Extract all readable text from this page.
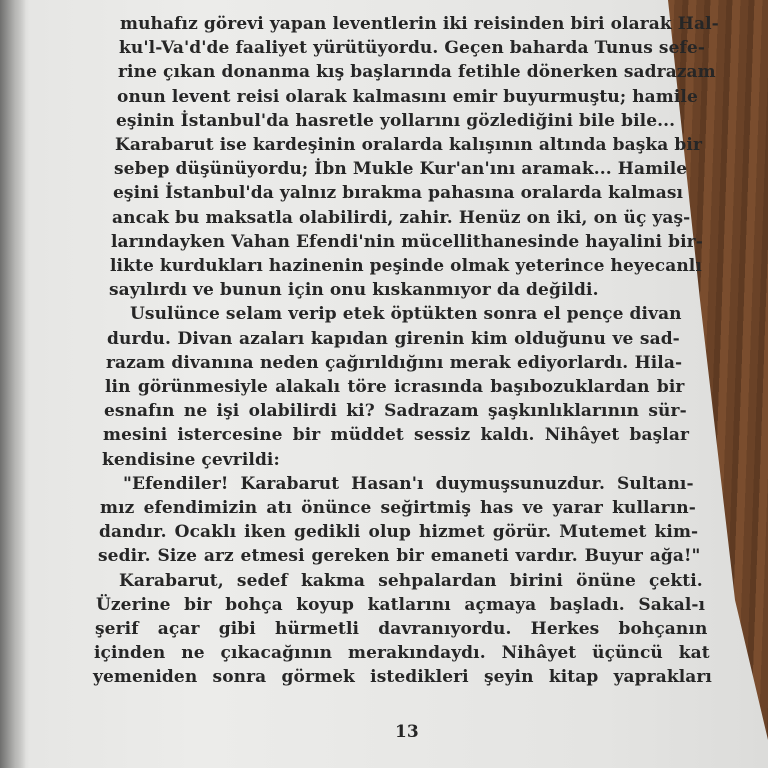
muhafız görevi yapan leventlerin iki reisinden biri olarak Hal-
ku'l-Va'd'de faaliyet yürütüyordu. Geçen baharda Tunus sefe-
rine çıkan donanma kış başlarında fetihle dönerken sadrazam
onun levent reisi olarak kalmasını emir buyurmuştu; hamile
eşinin İstanbul'da hasretle yollarını gözlediğini bile bile...
Karabarut ise kardeşinin oralarda kalışının altında başka bir
sebep düşünüyordu; İbn Mukle Kur'an'ını aramak... Hamile
eşini İstanbul'da yalnız bırakma pahasına oralarda kalması
ancak bu maksatla olabilirdi, zahir. Henüz on iki, on üç yaş-
larındayken Vahan Efendi'nin mücellithanesinde hayalini bir-
likte kurdukları hazinenin peşinde olmak yeterince heyecanlı
sayılırdı ve bunun için onu kıskanmıyor da değildi.
Usulünce selam verip etek öptükten sonra el pençe divan
durdu. Divan azaları kapıdan girenin kim olduğunu ve sad-
razam divanına neden çağırıldığını merak ediyorlardı. Hila-
lin görünmesiyle alakalı töre icrasında başıbozuklardan bir
esnafın ne işi olabilirdi ki? Sadrazam şaşkınlıklarının sür-
mesini istercesine bir müddet sessiz kaldı. Nihâyet başlar
kendisine çevrildi:
"Efendiler! Karabarut Hasan'ı duymuşsunuzdur. Sultanı-
mız efendimizin atı önünce seğirtmiş has ve yarar kulların-
dandır. Ocaklı iken gedikli olup hizmet görür. Mutemet kim-
sedir. Size arz etmesi gereken bir emaneti vardır. Buyur ağa!"
Karabarut, sedef kakma sehpalardan birini önüne çekti.
Üzerine bir bohça koyup katlarını açmaya başladı. Sakal-ı
şerif açar gibi hürmetli davranıyordu. Herkes bohçanın
içinden ne çıkacağının merakındaydı. Nihâyet üçüncü kat
yemeniden sonra görmek istedikleri şeyin kitap yaprakları
13
